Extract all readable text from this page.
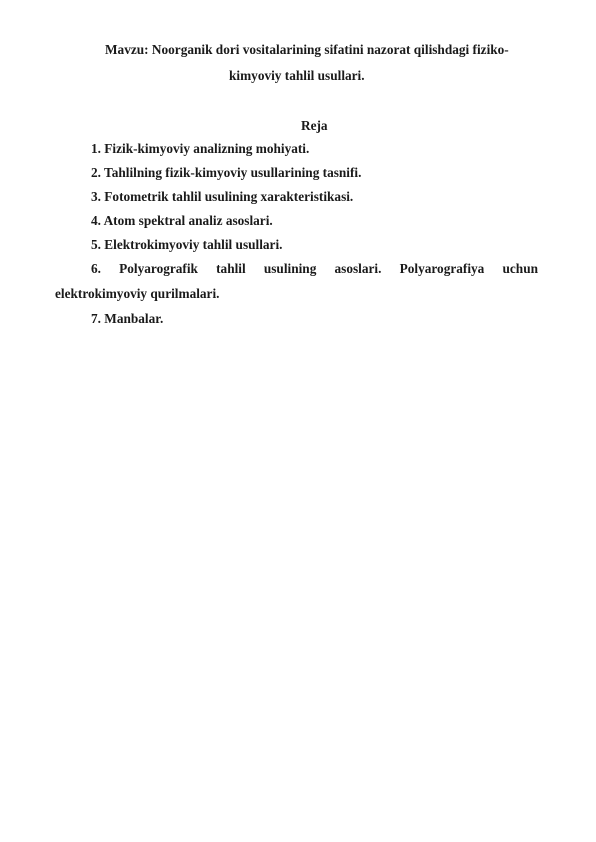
Mavzu: Noorganik dori vositalarining sifatini nazorat qilishdagi fiziko-
kimyoviy tahlil usullari.
Reja
1. Fizik-kimyoviy analizning mohiyati.
2. Tahlilning fizik-kimyoviy usullarining tasnifi.
3. Fotometrik tahlil usulining xarakteristikasi.
4. Atom spektral analiz asoslari.
5. Elektrokimyoviy tahlil usullari.
6. Polyarografik tahlil usulining asoslari. Polyarografiya uchun
elektrokimyoviy qurilmalari.
7. Manbalar.
